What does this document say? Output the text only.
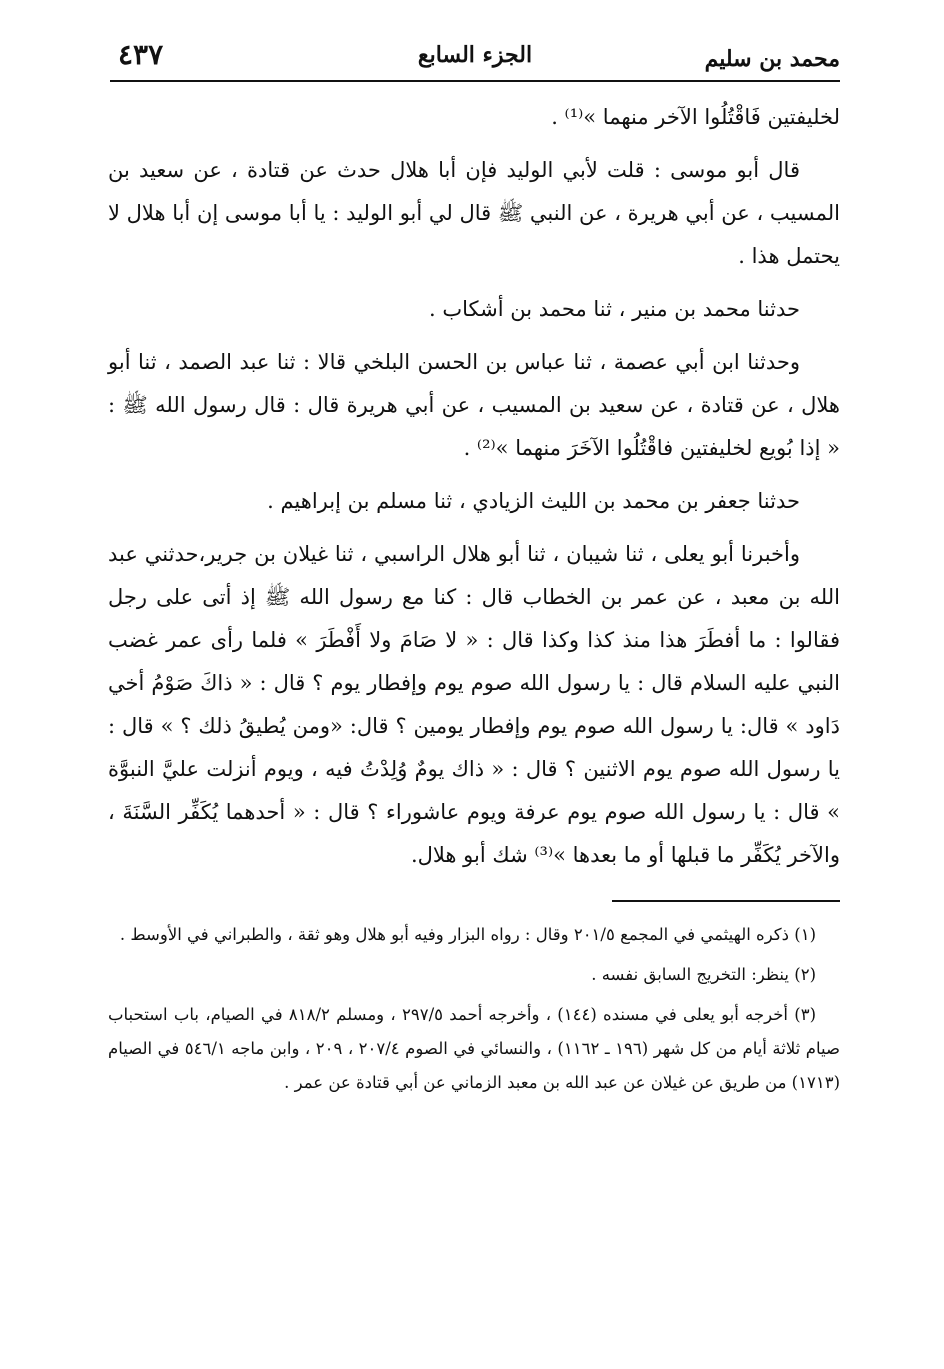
محمد بن سليم
الجزء السابع
٤٣٧

لخليفتين فَاقْتُلُوا الآخر منهما »⁽¹⁾ .

قال أبو موسى : قلت لأبي الوليد فإن أبا هلال حدث عن قتادة ، عن سعيد بن المسيب ، عن أبي هريرة ، عن النبي ﷺ قال لي أبو الوليد : يا أبا موسى إن أبا هلال لا يحتمل هذا .

حدثنا محمد بن منير ، ثنا محمد بن أشكاب .

وحدثنا ابن أبي عصمة ، ثنا عباس بن الحسن البلخي قالا : ثنا عبد الصمد ، ثنا أبو هلال ، عن قتادة ، عن سعيد بن المسيب ، عن أبي هريرة قال : قال رسول الله ﷺ : « إذا بُويع لخليفتين فاقْتُلُوا الآخَرَ منهما »⁽²⁾ .

حدثنا جعفر بن محمد بن الليث الزيادي ، ثنا مسلم بن إبراهيم .

وأخبرنا أبو يعلى ، ثنا شيبان ، ثنا أبو هلال الراسبي ، ثنا غيلان بن جرير،حدثني عبد الله بن معبد ، عن عمر بن الخطاب قال : كنا مع رسول الله ﷺ إذ أتى على رجل فقالوا : ما أفطَرَ هذا منذ كذا وكذا قال : « لا صَامَ ولا أَفْطَرَ » فلما رأى عمر غضب النبي عليه السلام قال : يا رسول الله صوم يوم وإفطار يوم ؟ قال : « ذاكَ صَوْمُ أخي دَاود » قال: يا رسول الله صوم يوم وإفطار يومين ؟ قال: «ومن يُطيقُ ذلك ؟ » قال : يا رسول الله صوم يوم الاثنين ؟ قال : « ذاك يومٌ وُلِدْتُ فيه ، ويوم أنزلت عليَّ النبوَّة » قال : يا رسول الله صوم يوم عرفة ويوم عاشوراء ؟ قال : « أحدهما يُكَفِّر السَّنَةَ ، والآخر يُكَفِّر ما قبلها أو ما بعدها »⁽³⁾ شك أبو هلال.

(١) ذكره الهيثمي في المجمع ٢٠١/٥ وقال : رواه البزار وفيه أبو هلال وهو ثقة ، والطبراني في الأوسط .

(٢) ينظر: التخريج السابق نفسه .

(٣) أخرجه أبو يعلى في مسنده (١٤٤) ، وأخرجه أحمد ٢٩٧/٥ ، ومسلم ٨١٨/٢ في الصيام، باب استحباب صيام ثلاثة أيام من كل شهر (١٩٦ ـ ١١٦٢) ، والنسائي في الصوم ٢٠٧/٤ ، ٢٠٩ ، وابن ماجه ٥٤٦/١ في الصيام (١٧١٣) من طريق عن غيلان عن عبد الله بن معبد الزماني عن أبي قتادة عن عمر .
